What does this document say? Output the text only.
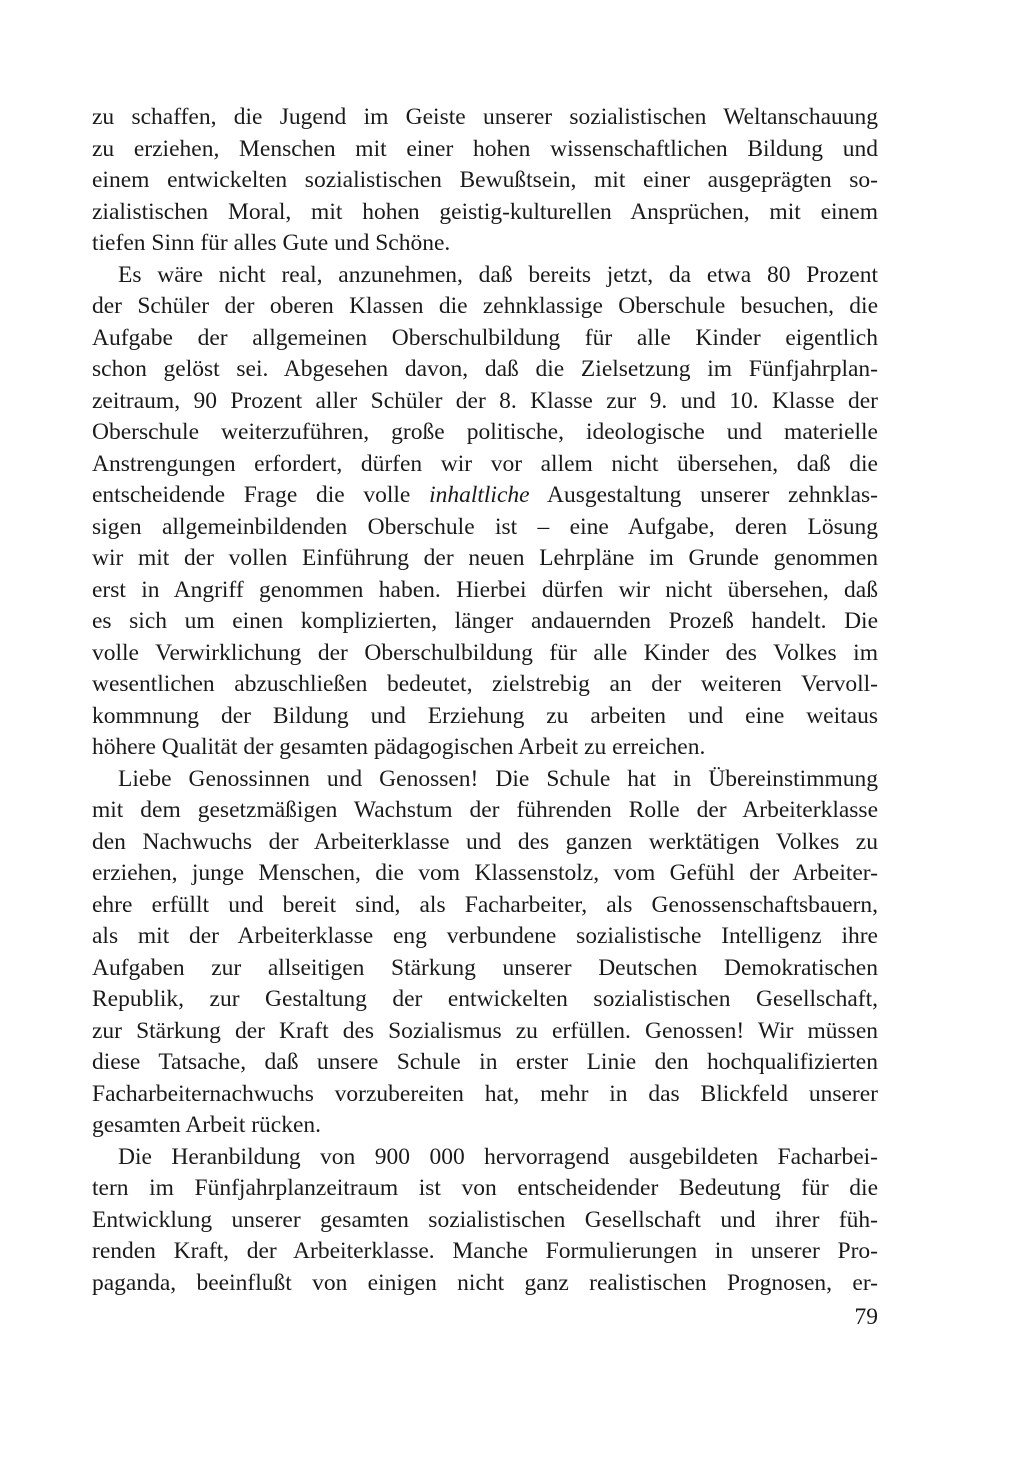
zu schaffen, die Jugend im Geiste unserer sozialistischen Weltanschauung
zu erziehen, Menschen mit einer hohen wissenschaftlichen Bildung und
einem entwickelten sozialistischen Bewußtsein, mit einer ausgeprägten so-
zialistischen Moral, mit hohen geistig-kulturellen Ansprüchen, mit einem
tiefen Sinn für alles Gute und Schöne.
Es wäre nicht real, anzunehmen, daß bereits jetzt, da etwa 80 Prozent
der Schüler der oberen Klassen die zehnklassige Oberschule besuchen, die
Aufgabe der allgemeinen Oberschulbildung für alle Kinder eigentlich
schon gelöst sei. Abgesehen davon, daß die Zielsetzung im Fünfjahrplan-
zeitraum, 90 Prozent aller Schüler der 8. Klasse zur 9. und 10. Klasse der
Oberschule weiterzuführen, große politische, ideologische und materielle
Anstrengungen erfordert, dürfen wir vor allem nicht übersehen, daß die
entscheidende Frage die volle inhaltliche Ausgestaltung unserer zehnklas-
sigen allgemeinbildenden Oberschule ist – eine Aufgabe, deren Lösung
wir mit der vollen Einführung der neuen Lehrpläne im Grunde genommen
erst in Angriff genommen haben. Hierbei dürfen wir nicht übersehen, daß
es sich um einen komplizierten, länger andauernden Prozeß handelt. Die
volle Verwirklichung der Oberschulbildung für alle Kinder des Volkes im
wesentlichen abzuschließen bedeutet, zielstrebig an der weiteren Vervoll-
kommnung der Bildung und Erziehung zu arbeiten und eine weitaus
höhere Qualität der gesamten pädagogischen Arbeit zu erreichen.
Liebe Genossinnen und Genossen! Die Schule hat in Übereinstimmung
mit dem gesetzmäßigen Wachstum der führenden Rolle der Arbeiterklasse
den Nachwuchs der Arbeiterklasse und des ganzen werktätigen Volkes zu
erziehen, junge Menschen, die vom Klassenstolz, vom Gefühl der Arbeiter-
ehre erfüllt und bereit sind, als Facharbeiter, als Genossenschaftsbauern,
als mit der Arbeiterklasse eng verbundene sozialistische Intelligenz ihre
Aufgaben zur allseitigen Stärkung unserer Deutschen Demokratischen
Republik, zur Gestaltung der entwickelten sozialistischen Gesellschaft,
zur Stärkung der Kraft des Sozialismus zu erfüllen. Genossen! Wir müssen
diese Tatsache, daß unsere Schule in erster Linie den hochqualifizierten
Facharbeiternachwuchs vorzubereiten hat, mehr in das Blickfeld unserer
gesamten Arbeit rücken.
Die Heranbildung von 900 000 hervorragend ausgebildeten Facharbei-
tern im Fünfjahrplanzeitraum ist von entscheidender Bedeutung für die
Entwicklung unserer gesamten sozialistischen Gesellschaft und ihrer füh-
renden Kraft, der Arbeiterklasse. Manche Formulierungen in unserer Pro-
paganda, beeinflußt von einigen nicht ganz realistischen Prognosen, er-
79
